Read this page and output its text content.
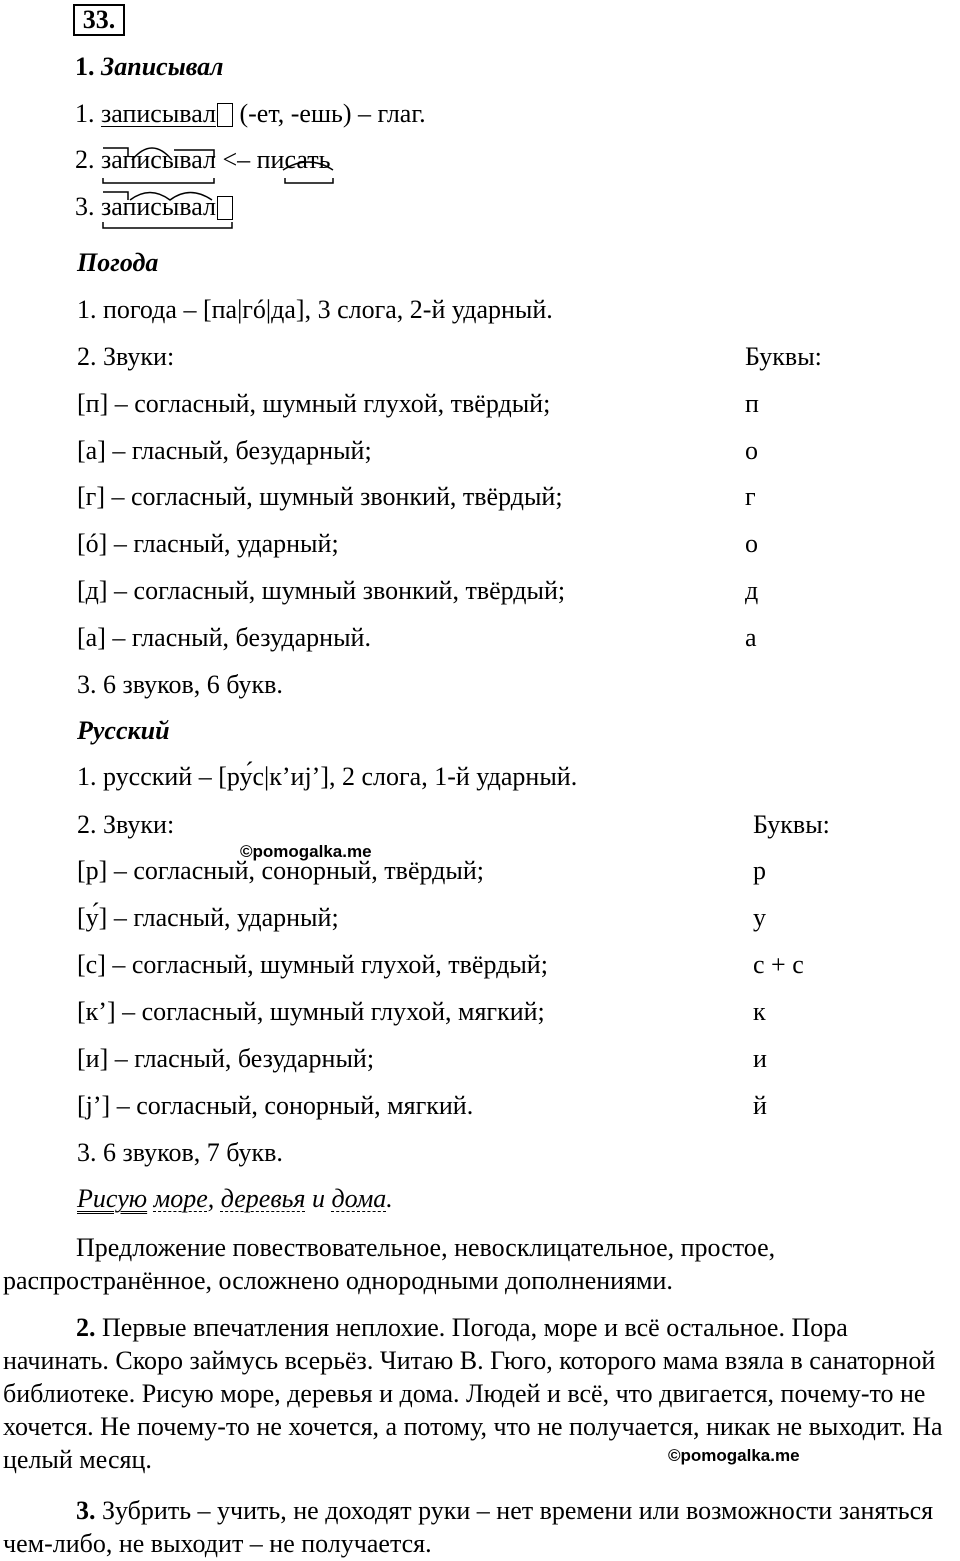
33.
1. Записывал
1. записывал (-ет, -ешь) – глаг.
2. записывал <– писать
3. записывал
Погода
1. погода – [па|гó|да], 3 слога, 2-й ударный.
2. Звуки:	Буквы:
[п] – согласный, шумный глухой, твёрдый;	п
[а] – гласный, безударный;	о
[г] – согласный, шумный звонкий, твёрдый;	г
[ó] – гласный, ударный;	о
[д] – согласный, шумный звонкий, твёрдый;	д
[а] – гласный, безударный.	а
3. 6 звуков, 6 букв.
Русский
1. русский – [ру́с|к’иj’], 2 слога, 1-й ударный.
2. Звуки:	Буквы:
©pomogalka.me
[р] – согласный, сонорный, твёрдый;	р
[у́] – гласный, ударный;	у
[с] – согласный, шумный глухой, твёрдый;	с + с
[к’] – согласный, шумный глухой, мягкий;	к
[и] – гласный, безударный;	и
[j’] – согласный, сонорный, мягкий.	й
3. 6 звуков, 7 букв.
Рисую море, деревья и дома.
Предложение повествовательное, невосклицательное, простое, распространённое, осложнено однородными дополнениями.
2. Первые впечатления неплохие. Погода, море и всё остальное. Пора начинать. Скоро займусь всерьёз. Читаю В. Гюго, которого мама взяла в санаторной библиотеке. Рисую море, деревья и дома. Людей и всё, что двигается, почему-то не хочется. Не почему-то не хочется, а потому, что не получается, никак не выходит. На целый месяц.	©pomogalka.me
3. Зубрить – учить, не доходят руки – нет времени или возможности заняться чем-либо, не выходит – не получается.
